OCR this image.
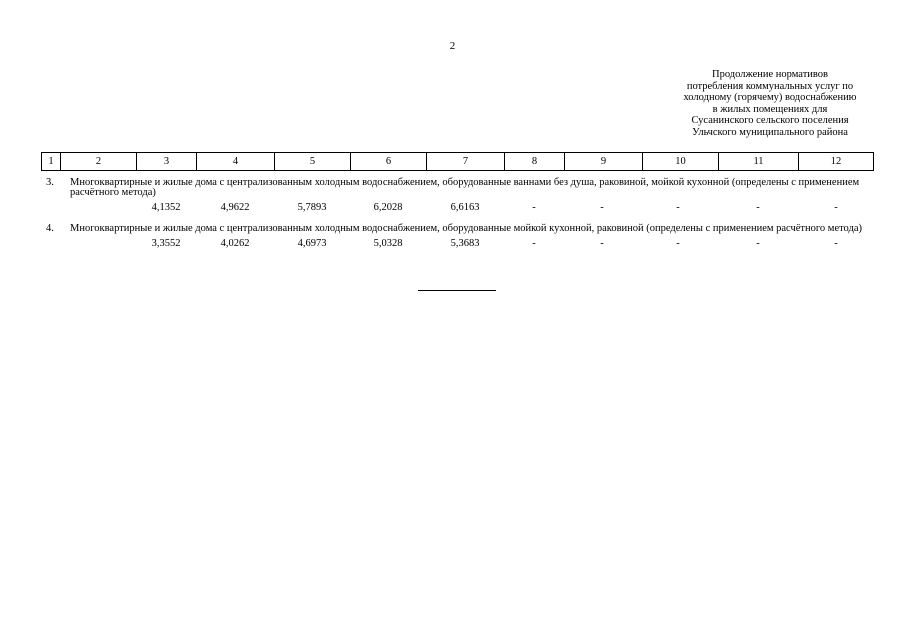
2
Продолжение нормативов
потребления коммунальных услуг по
холодному (горячему) водоснабжению
в жилых помещениях для
Сусанинского сельского поселения
Ульчского муниципального района
1	2	3	4	5	6	7	8	9	10	11	12
3.	Многоквартирные и жилые дома с централизованным холодным водоснабжением, оборудованные ваннами без душа, раковиной, мойкой кухонной (определены с применением расчётного метода)
4,1352	4,9622	5,7893	6,2028	6,6163	-	-	-	-	-
4.	Многоквартирные и жилые дома с централизованным холодным водоснабжением, оборудованные мойкой кухонной, раковиной (определены с применением расчётного метода)
3,3552	4,0262	4,6973	5,0328	5,3683	-	-	-	-	-
